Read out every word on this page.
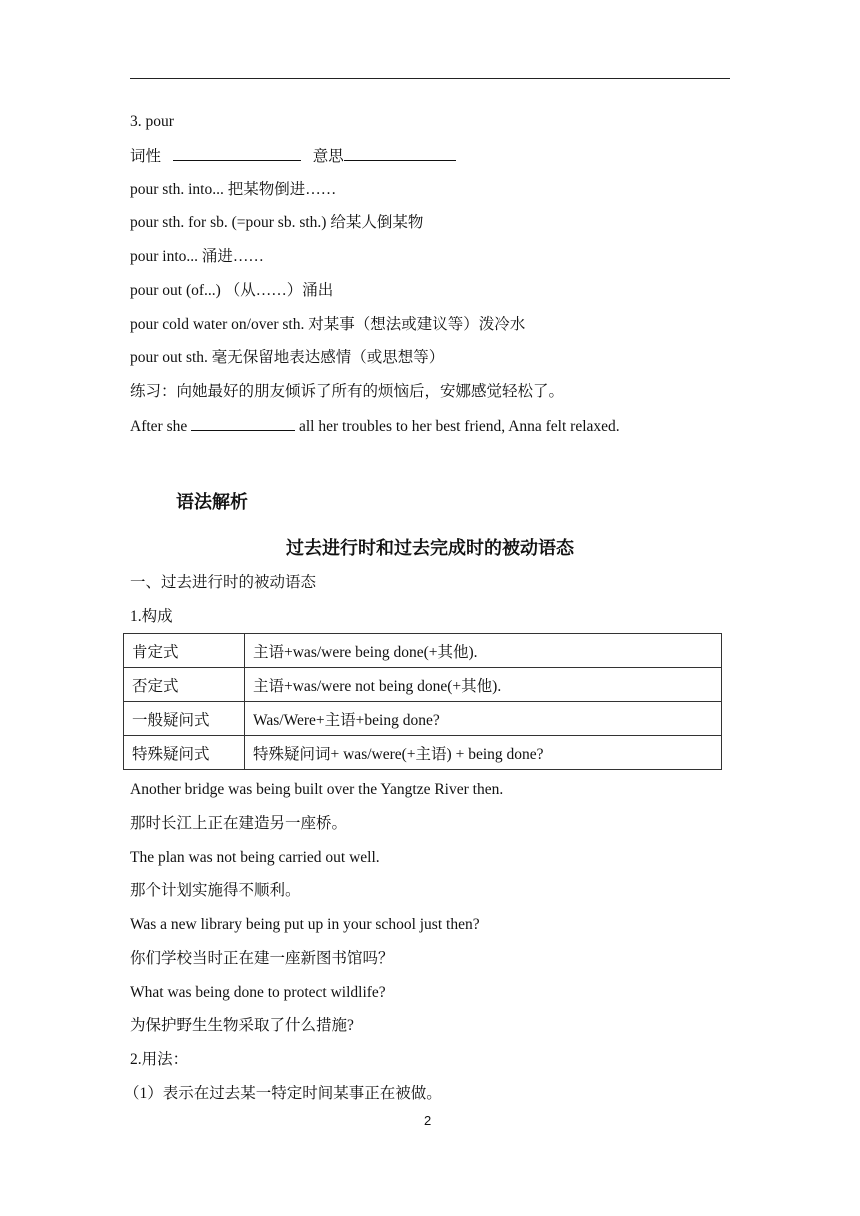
3. pour
词性	意思
pour sth. into... 把某物倒进……
pour sth. for sb. (=pour sb. sth.) 给某人倒某物
pour into... 涌进……
pour out (of...) （从……）涌出
pour cold water on/over sth. 对某事（想法或建议等）泼冷水
pour out sth. 毫无保留地表达感情（或思想等）
练习：向她最好的朋友倾诉了所有的烦恼后，安娜感觉轻松了。
After she	all her troubles to her best friend, Anna felt relaxed.
语法解析
过去进行时和过去完成时的被动语态
一、过去进行时的被动语态
1.构成
肯定式	主语+was/were being done(+其他).
否定式	主语+was/were not being done(+其他).
一般疑问式	Was/Were+主语+being done?
特殊疑问式	特殊疑问词+ was/were(+主语) + being done?
Another bridge was being built over the Yangtze River then.
那时长江上正在建造另一座桥。
The plan was not being carried out well.
那个计划实施得不顺利。
Was a new library being put up in your school just then?
你们学校当时正在建一座新图书馆吗？
What was being done to protect wildlife?
为保护野生生物采取了什么措施?
2.用法：
（1）表示在过去某一特定时间某事正在被做。
2
